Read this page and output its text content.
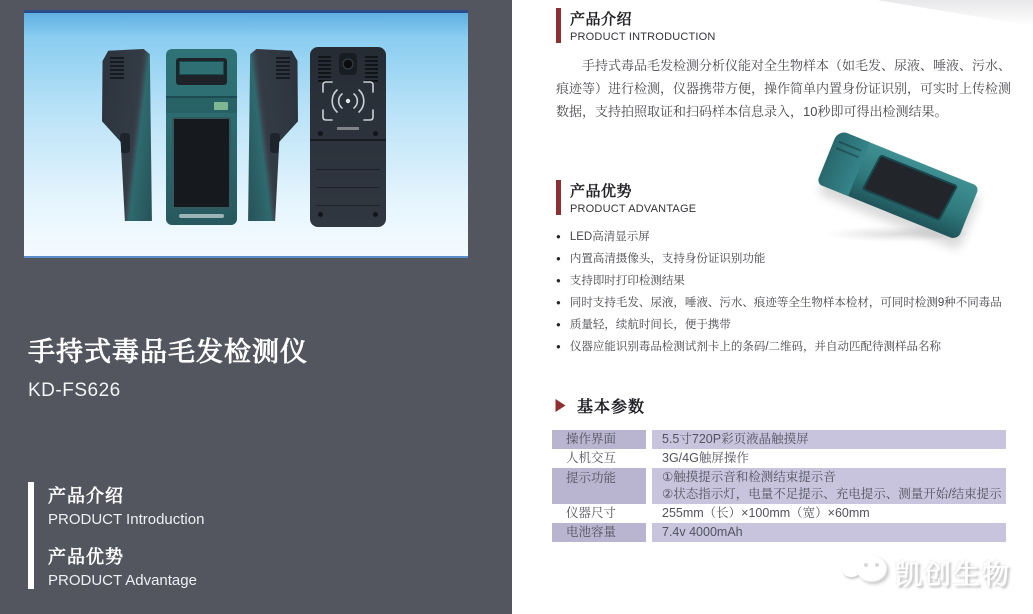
手持式毒品毛发检测仪
KD-FS626
产品介绍
PRODUCT Introduction
产品优势
PRODUCT Advantage
产品介绍
PRODUCT INTRODUCTION

手持式毒品毛发检测分析仪能对全生物样本（如毛发、尿液、唾液、污水、痕迹等）进行检测，仪器携带方便，操作简单内置身份证识别，可实时上传检测数据，支持拍照取证和扫码样本信息录入，10秒即可得出检测结果。

产品优势
PRODUCT ADVANTAGE
● LED高清显示屏
● 内置高清摄像头，支持身份证识别功能
● 支持即时打印检测结果
● 同时支持毛发、尿液，唾液、污水、痕迹等全生物样本检材，可同时检测9种不同毒品
● 质量轻，续航时间长，便于携带
● 仪器应能识别毒品检测试剂卡上的条码/二维码，并自动匹配待测样品名称
基本参数
操作界面	5.5寸720P彩页液晶触摸屏
人机交互	3G/4G触屏操作
提示功能	①触摸提示音和检测结束提示音
②状态指示灯，电量不足提示、充电提示、测量开始/结束提示
仪器尺寸	255mm（长）×100mm（宽）×60mm
电池容量	7.4v 4000mAh
凯创生物
